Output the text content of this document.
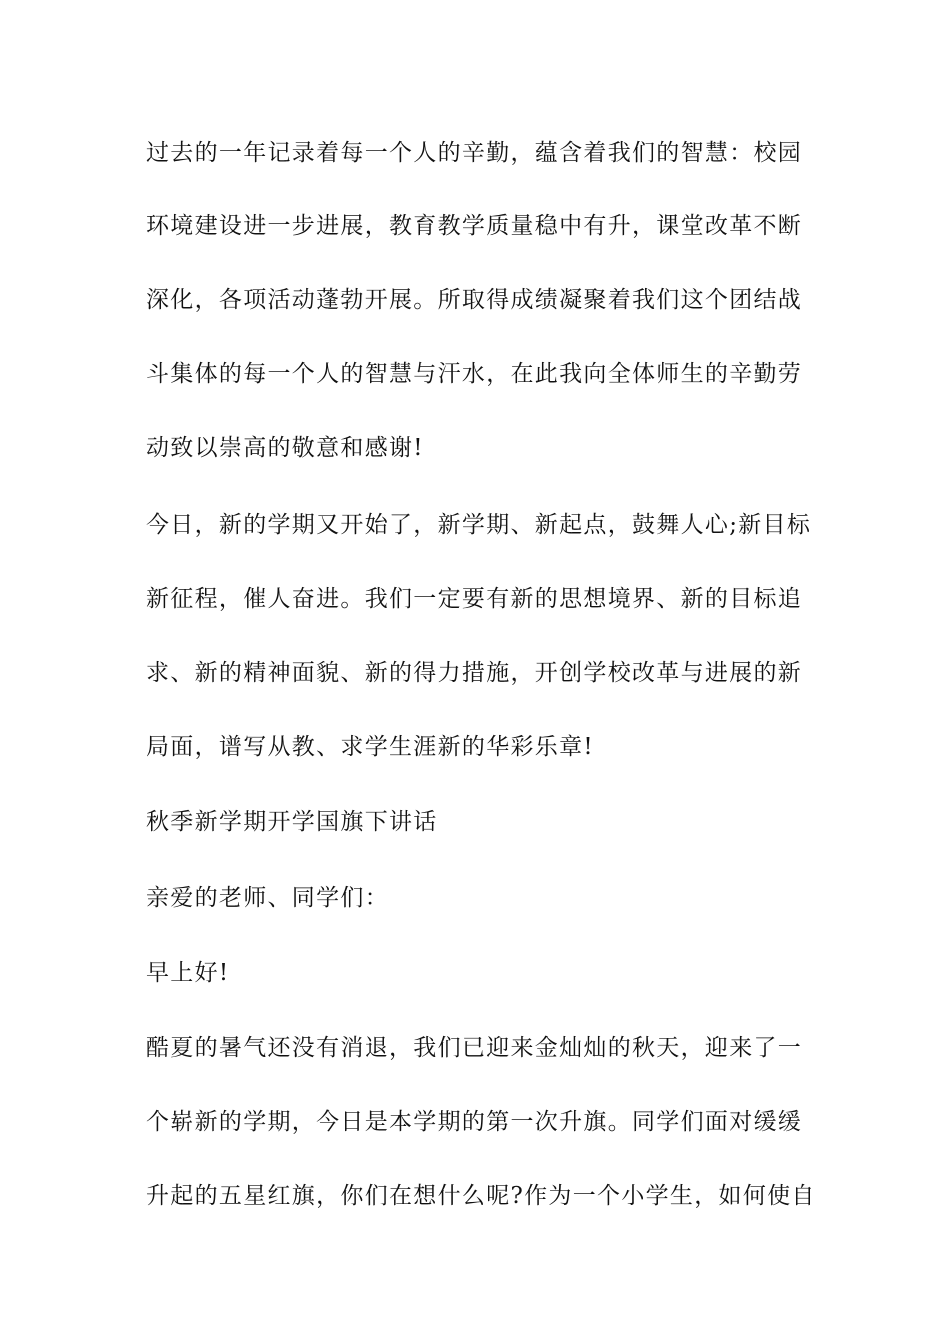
过去的一年记录着每一个人的辛勤，蕴含着我们的智慧：校园
环境建设进一步进展，教育教学质量稳中有升，课堂改革不断
深化，各项活动蓬勃开展。所取得成绩凝聚着我们这个团结战
斗集体的每一个人的智慧与汗水，在此我向全体师生的辛勤劳
动致以崇高的敬意和感谢!
今日，新的学期又开始了，新学期、新起点，鼓舞人心;新目标
新征程，催人奋进。我们一定要有新的思想境界、新的目标追
求、新的精神面貌、新的得力措施，开创学校改革与进展的新
局面，谱写从教、求学生涯新的华彩乐章!
秋季新学期开学国旗下讲话
亲爱的老师、同学们：
早上好!
酷夏的暑气还没有消退，我们已迎来金灿灿的秋天，迎来了一
个崭新的学期，今日是本学期的第一次升旗。同学们面对缓缓
升起的五星红旗，你们在想什么呢?作为一个小学生，如何使自
